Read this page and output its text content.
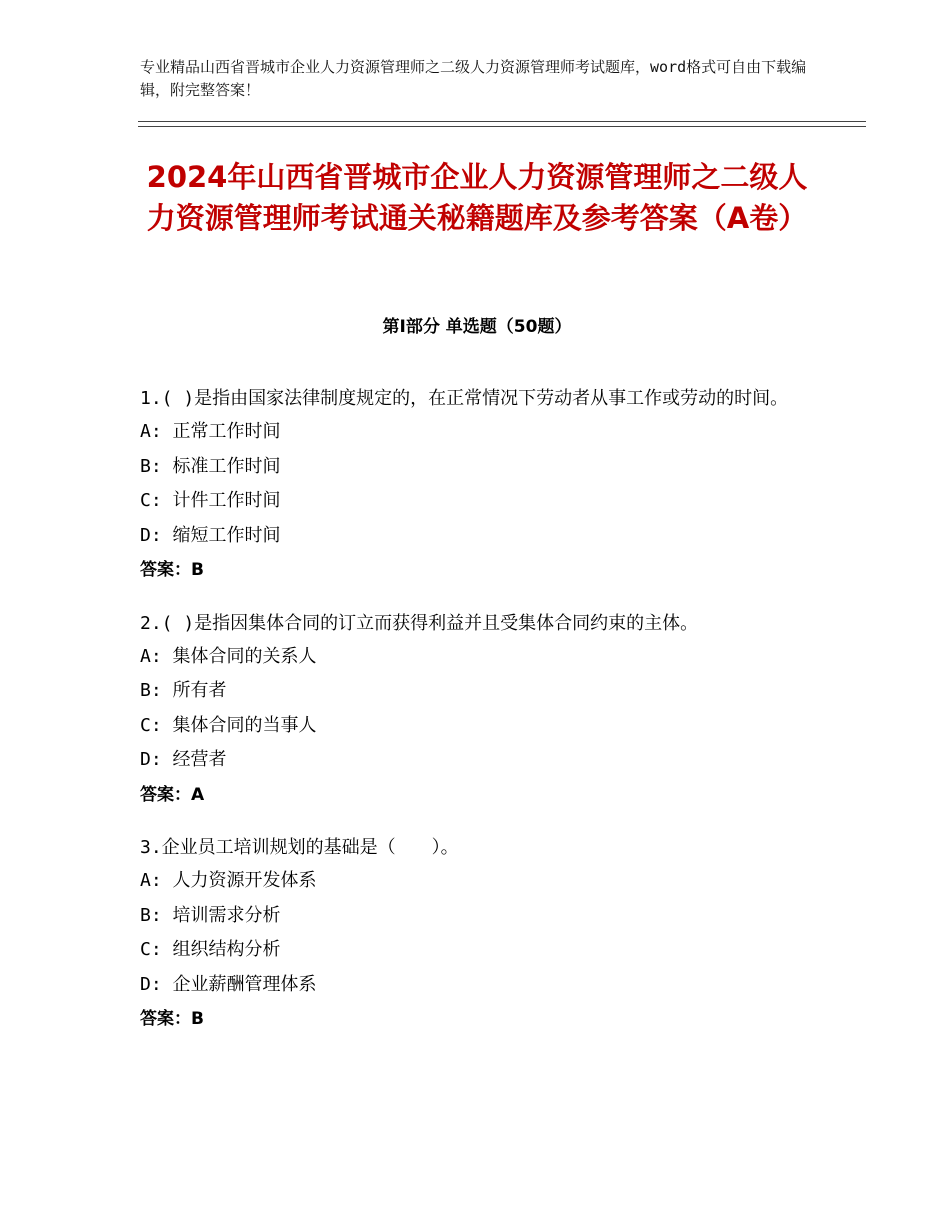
专业精品山西省晋城市企业人力资源管理师之二级人力资源管理师考试题库，word格式可自由下载编辑，附完整答案！
2024年山西省晋城市企业人力资源管理师之二级人力资源管理师考试通关秘籍题库及参考答案（A卷）
第Ⅰ部分 单选题（50题）

1.( )是指由国家法律制度规定的，在正常情况下劳动者从事工作或劳动的时间。

A: 正常工作时间

B: 标准工作时间

C: 计件工作时间

D: 缩短工作时间

答案：B

2.( )是指因集体合同的订立而获得利益并且受集体合同约束的主体。

A: 集体合同的关系人

B: 所有者

C: 集体合同的当事人

D: 经营者

答案：A

3.企业员工培训规划的基础是（　　）。

A: 人力资源开发体系

B: 培训需求分析

C: 组织结构分析

D: 企业薪酬管理体系

答案：B
